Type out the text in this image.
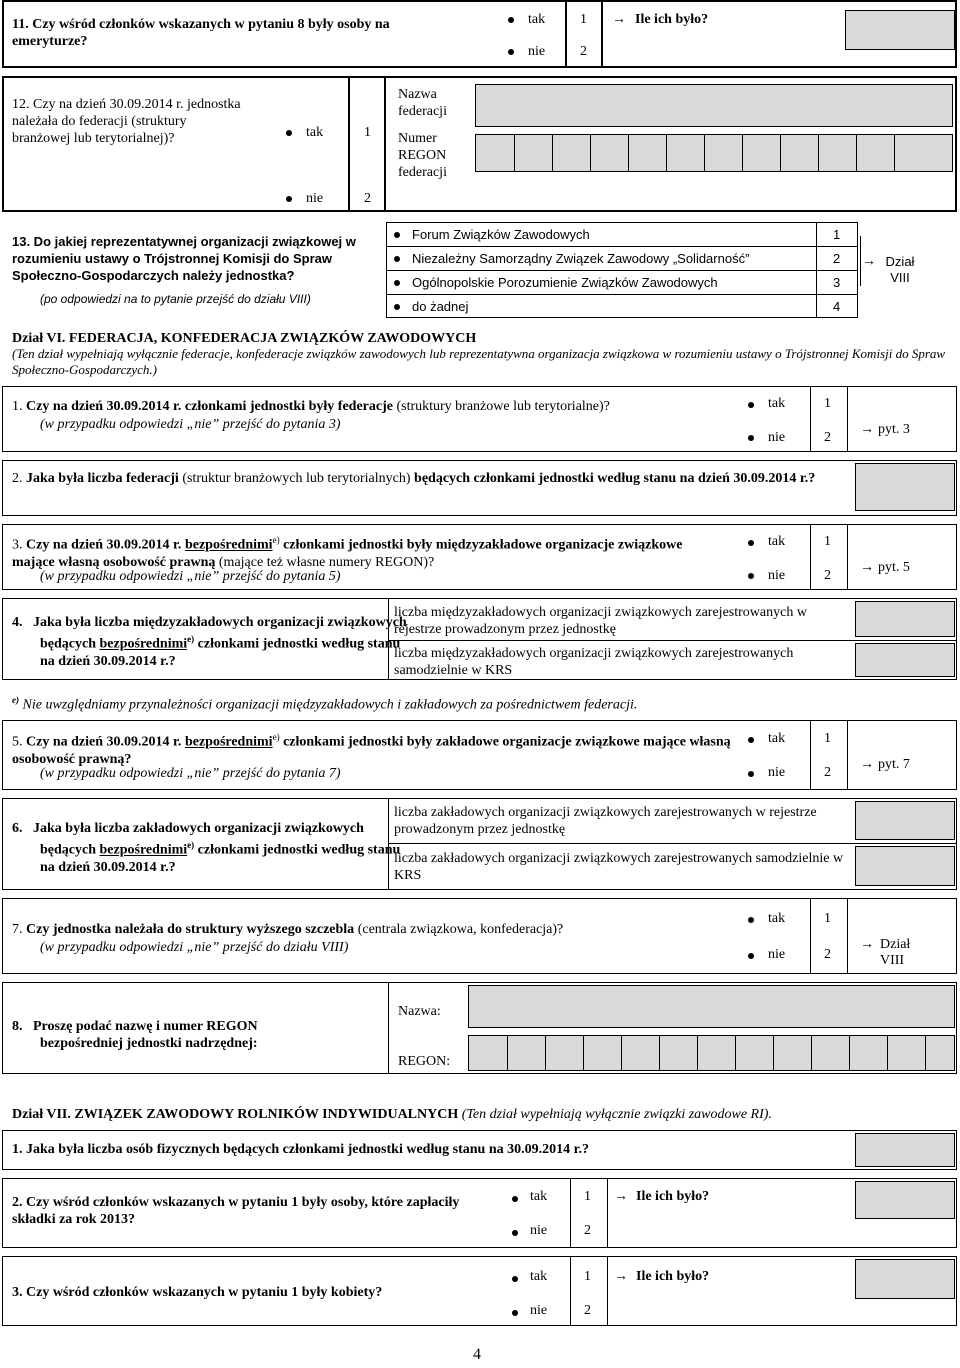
11. Czy wśród członków wskazanych w pytaniu 8 były osoby na emeryturze?
tak 1
nie 2
→ Ile ich było?
12. Czy na dzień 30.09.2014 r. jednostka należała do federacji (struktury branżowej lub terytorialnej)?	tak	1
nie	2
Nazwa federacji
Numer REGON federacji
13. Do jakiej reprezentatywnej organizacji związkowej w rozumieniu ustawy o Trójstronnej Komisji do Spraw Społeczno-Gospodarczych należy jednostka?
(po odpowiedzi na to pytanie przejść do działu VIII)
Forum Związków Zawodowych	1
Niezależny Samorządny Związek Zawodowy „Solidarność”	2
Ogólnopolskie Porozumienie Związków Zawodowych	3
do żadnej	4
→ Dział VIII
Dział VI. FEDERACJA, KONFEDERACJA ZWIĄZKÓW ZAWODOWYCH
(Ten dział wypełniają wyłącznie federacje, konfederacje związków zawodowych lub reprezentatywna organizacja związkowa w rozumieniu ustawy o Trójstronnej Komisji do Spraw Społeczno-Gospodarczych.)
1. Czy na dzień 30.09.2014 r. członkami jednostki były federacje (struktury branżowe lub terytorialne)?
(w przypadku odpowiedzi „nie” przejść do pytania 3)
tak	1
nie	2
→ pyt. 3
2. Jaka była liczba federacji (struktur branżowych lub terytorialnych) będących członkami jednostki według stanu na dzień 30.09.2014 r.?
3. Czy na dzień 30.09.2014 r. bezpośrednimi$^{e)}$ członkami jednostki były międzyzakładowe organizacje związkowe mające własną osobowość prawną (mające też własne numery REGON)?
(w przypadku odpowiedzi „nie” przejść do pytania 5)
tak	1
nie	2
→ pyt. 5
4. Jaka była liczba międzyzakładowych organizacji związkowych będących bezpośrednimi$^{e)}$ członkami jednostki według stanu na dzień 30.09.2014 r.?
liczba międzyzakładowych organizacji związkowych zarejestrowanych w rejestrze prowadzonym przez jednostkę
liczba międzyzakładowych organizacji związkowych zarejestrowanych samodzielnie w KRS
$^{e)}$ Nie uwzględniamy przynależności organizacji międzyzakładowych i zakładowych za pośrednictwem federacji.
5. Czy na dzień 30.09.2014 r. bezpośrednimi$^{e)}$ członkami jednostki były zakładowe organizacje związkowe mające własną osobowość prawną?
(w przypadku odpowiedzi „nie” przejść do pytania 7)
tak	1
nie	2
→ pyt. 7
6. Jaka była liczba zakładowych organizacji związkowych będących bezpośrednimi$^{e)}$ członkami jednostki według stanu na dzień 30.09.2014 r.?
liczba zakładowych organizacji związkowych zarejestrowanych w rejestrze prowadzonym przez jednostkę
liczba zakładowych organizacji związkowych zarejestrowanych samodzielnie w KRS
7. Czy jednostka należała do struktury wyższego szczebla (centrala związkowa, konfederacja)?
(w przypadku odpowiedzi „nie” przejść do działu VIII)
tak	1
nie	2
→ Dział VIII
8. Proszę podać nazwę i numer REGON bezpośredniej jednostki nadrzędnej:
Nazwa:
REGON:
Dział VII. ZWIĄZEK ZAWODOWY ROLNIKÓW INDYWIDUALNYCH (Ten dział wypełniają wyłącznie związki zawodowe RI).
1. Jaka była liczba osób fizycznych będących członkami jednostki według stanu na 30.09.2014 r.?
2. Czy wśród członków wskazanych w pytaniu 1 były osoby, które zapłaciły składki za rok 2013?
tak	1
nie	2
→ Ile ich było?
3. Czy wśród członków wskazanych w pytaniu 1 były kobiety?
tak	1
nie	2
→ Ile ich było?
4
